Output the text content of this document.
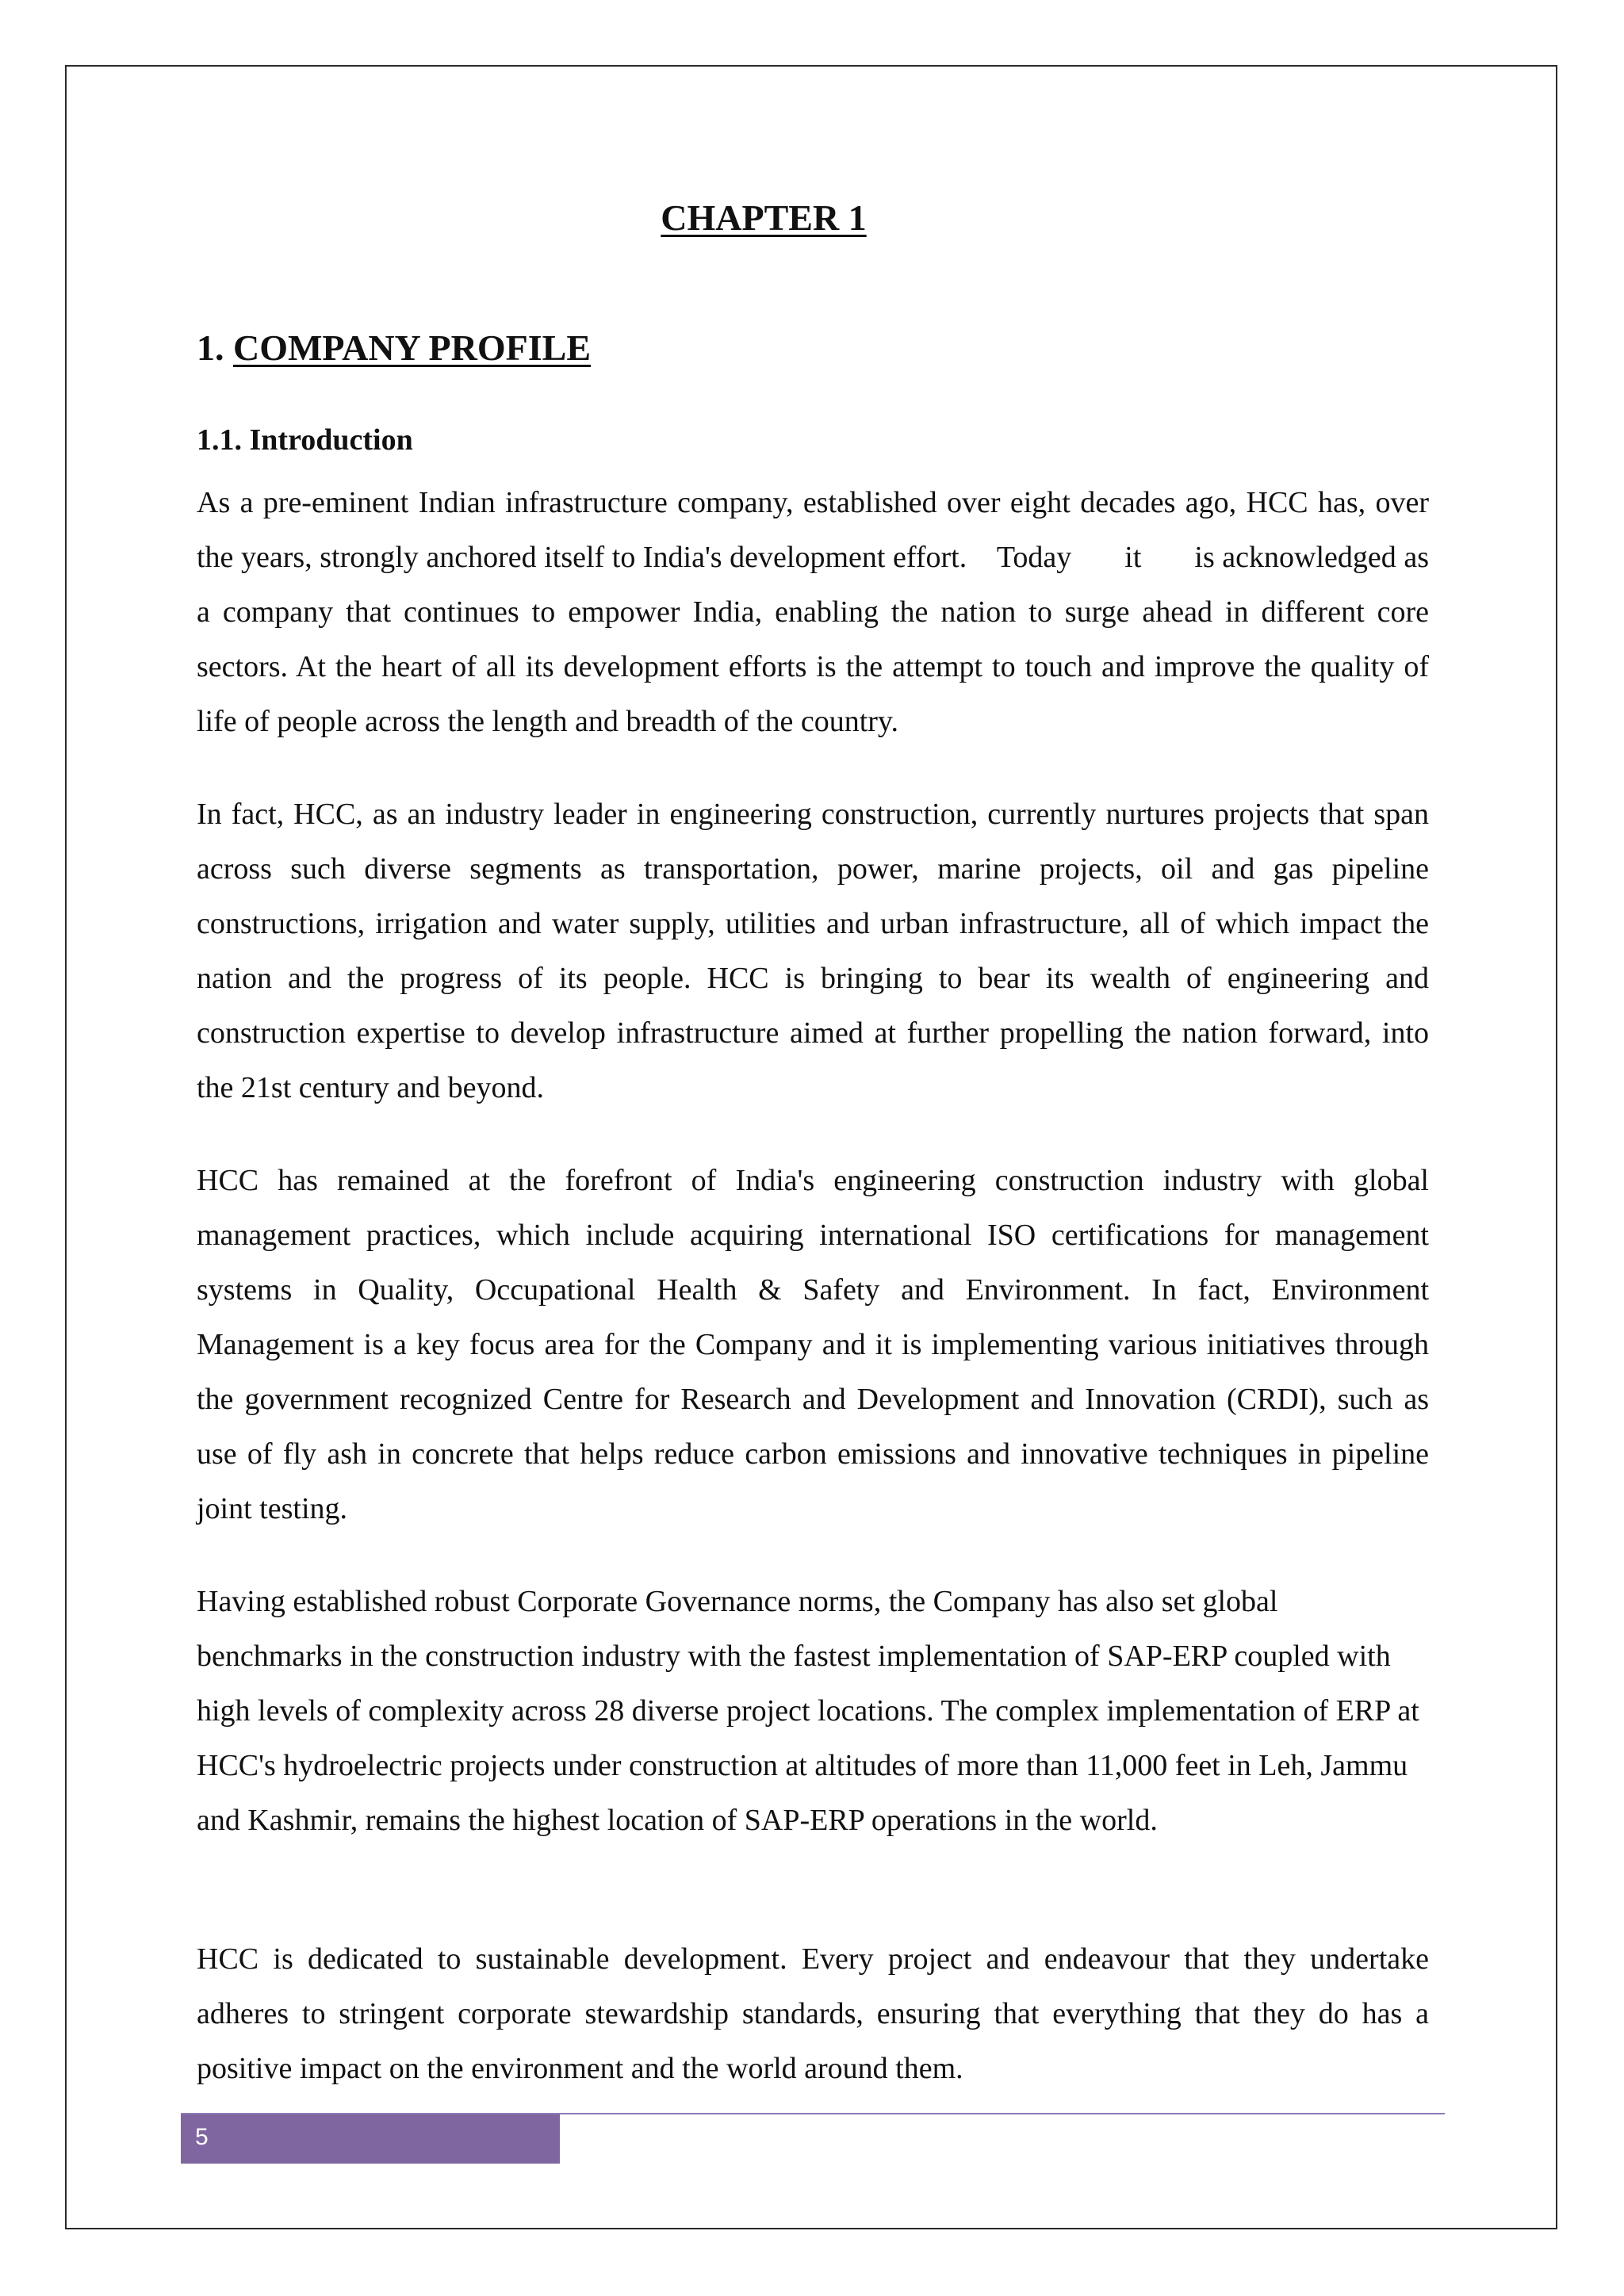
CHAPTER 1
1. COMPANY PROFILE
1.1. Introduction

As a pre-eminent Indian infrastructure company, established over eight decades ago, HCC has, over the years, strongly anchored itself to India's development effort.    Today       it       is acknowledged as a company that continues to empower India, enabling the nation to surge ahead in different core sectors. At the heart of all its development efforts is the attempt to touch and improve the quality of life of people across the length and breadth of the country.

In fact, HCC, as an industry leader in engineering construction, currently nurtures projects that span across such diverse segments as transportation, power, marine projects, oil and gas pipeline constructions, irrigation and water supply, utilities and urban infrastructure, all of which impact the nation and the progress of its people. HCC is bringing to bear its wealth of engineering and construction expertise to develop infrastructure aimed at further propelling the nation forward, into the 21st century and beyond.

HCC has remained at the forefront of India's engineering construction industry with global management practices, which include acquiring international ISO certifications for management systems in Quality, Occupational Health & Safety and Environment. In fact, Environment Management is a key focus area for the Company and it is implementing various initiatives through the government recognized Centre for Research and Development and Innovation (CRDI), such as use of fly ash in concrete that helps reduce carbon emissions and innovative techniques in pipeline joint testing.

Having established robust Corporate Governance norms, the Company has also set global benchmarks in the construction industry with the fastest implementation of SAP-ERP coupled with high levels of complexity across 28 diverse project locations. The complex implementation of ERP at HCC's hydroelectric projects under construction at altitudes of more than 11,000 feet in Leh, Jammu and Kashmir, remains the highest location of SAP-ERP operations in the world.

HCC is dedicated to sustainable development. Every project and endeavour that they undertake adheres to stringent corporate stewardship standards, ensuring that everything that they do has a positive impact on the environment and the world around them.

5
